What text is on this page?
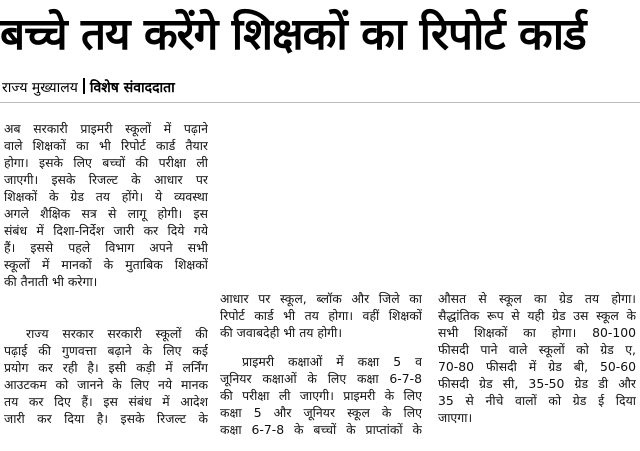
बच्चे तय करेंगे शिक्षकों का रिपोर्ट कार्ड
राज्य मुख्यालय विशेष संवाददाता
अब सरकारी प्राइमरी स्कूलों में पढ़ाने
वाले शिक्षकों का भी रिपोर्ट कार्ड तैयार
होगा। इसके लिए बच्चों की परीक्षा ली
जाएगी। इसके रिजल्ट के आधार पर
शिक्षकों के ग्रेड तय होंगे। ये व्यवस्था
अगले शैक्षिक सत्र से लागू होगी। इस
संबंध में दिशा-निर्देश जारी कर दिये गये
हैं। इससे पहले विभाग अपने सभी
स्कूलों में मानकों के मुताबिक शिक्षकों
की तैनाती भी करेगा।
राज्य सरकार सरकारी स्कूलों की
पढ़ाई की गुणवत्ता बढ़ाने के लिए कई
प्रयोग कर रही है। इसी कड़ी में लर्निंग
आउटकम को जानने के लिए नये मानक
तय कर दिए हैं। इस संबंध में आदेश
जारी कर दिया है। इसके रिजल्ट के
आधार पर स्कूल, ब्लॉक और जिले का
रिपोर्ट कार्ड भी तय होगा। वहीं शिक्षकों
की जवाबदेही भी तय होगी।
प्राइमरी कक्षाओं में कक्षा 5 व
जूनियर कक्षाओं के लिए कक्षा 6-7-8
की परीक्षा ली जाएगी। प्राइमरी के लिए
कक्षा 5 और जूनियर स्कूल के लिए
कक्षा 6-7-8 के बच्चों के प्राप्तांकों के
औसत से स्कूल का ग्रेड तय होगा।
सैद्धांतिक रूप से यही ग्रेड उस स्कूल के
सभी शिक्षकों का होगा। 80-100
फीसदी पाने वाले स्कूलों को ग्रेड ए,
70-80 फीसदी में ग्रेड बी, 50-60
फीसदी ग्रेड सी, 35-50 ग्रेड डी और
35 से नीचे वालों को ग्रेड ई दिया
जाएगा।
